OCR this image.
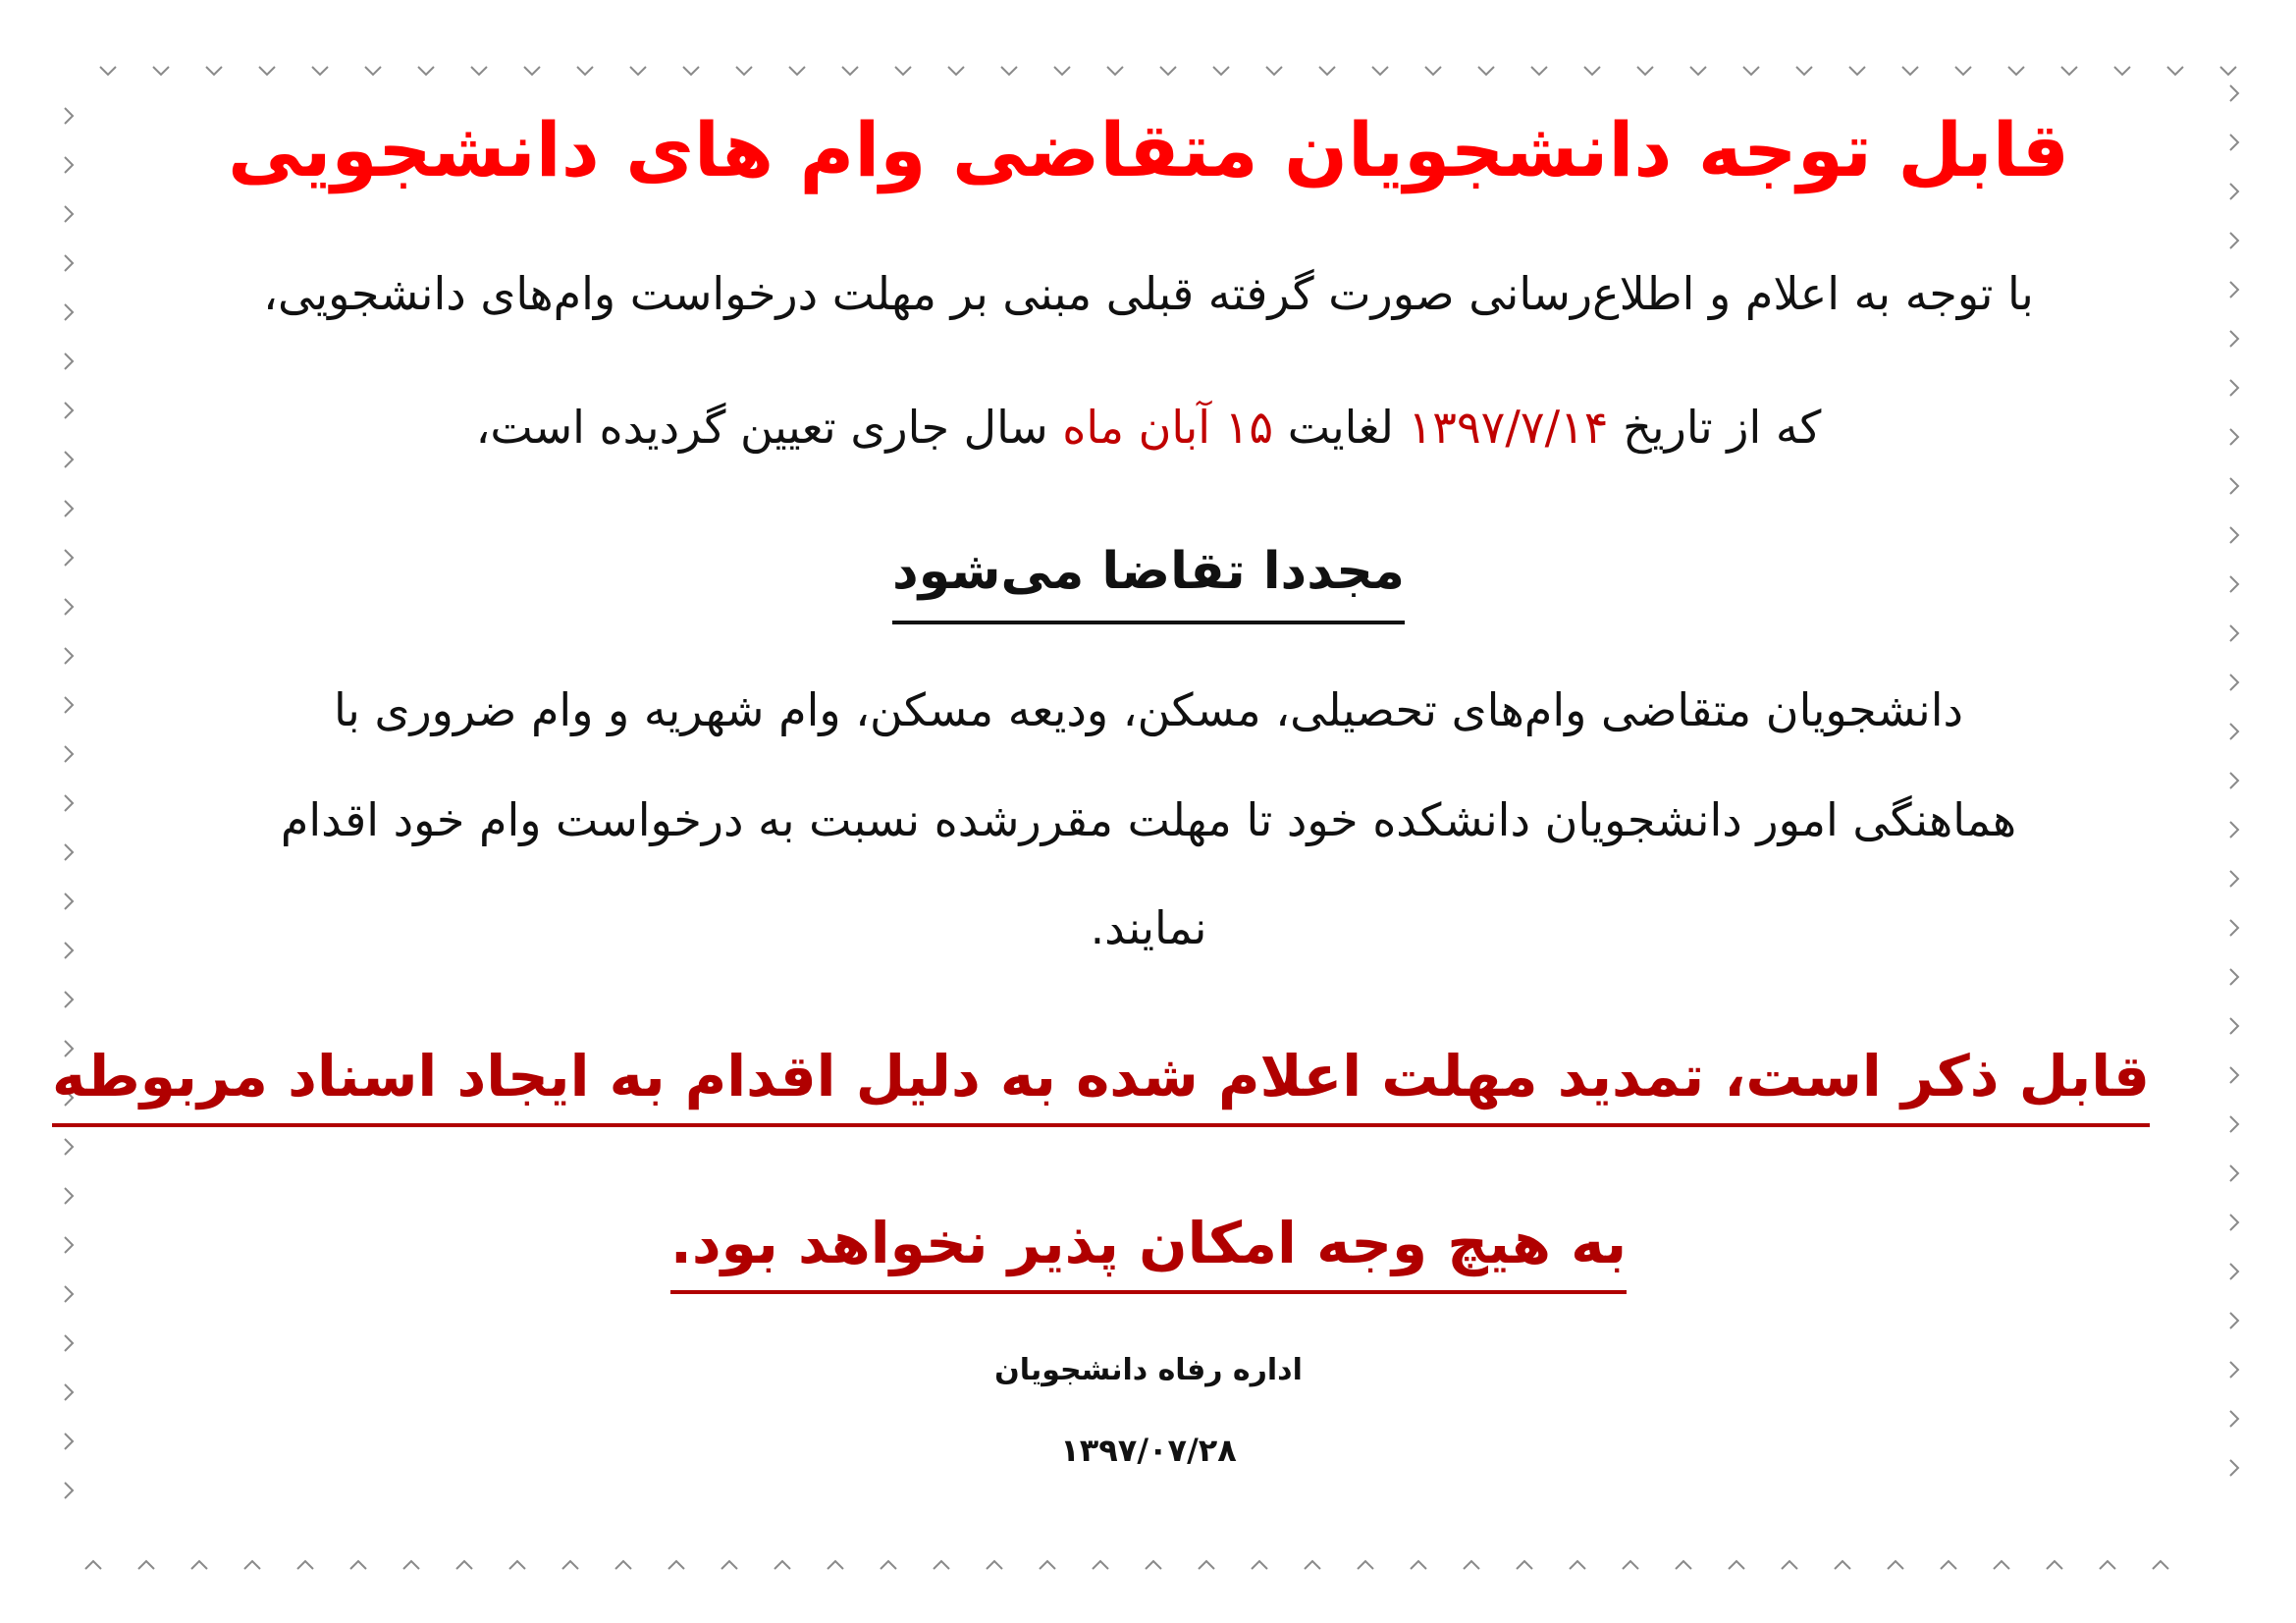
قابل توجه دانشجویان متقاضی وام های دانشجویی
با توجه به اعلام و اطلاع‌رسانی صورت گرفته قبلی مبنی بر مهلت درخواست وام‌های دانشجویی،
که از تاریخ ۱۳۹۷/۷/۱۴ لغایت ۱۵ آبان ماه سال جاری تعیین گردیده است،
مجددا تقاضا می‌شود
دانشجویان متقاضی وام‌های تحصیلی، مسکن، ودیعه مسکن، وام شهریه و وام ضروری با
هماهنگی امور دانشجویان دانشکده خود تا مهلت مقررشده نسبت به درخواست وام خود اقدام
نمایند.
قابل ذکر است، تمدید مهلت اعلام شده به دلیل اقدام به ایجاد اسناد مربوطه
به هیچ وجه امکان پذیر نخواهد بود.
اداره رفاه دانشجویان
۱۳۹۷/۰۷/۲۸
